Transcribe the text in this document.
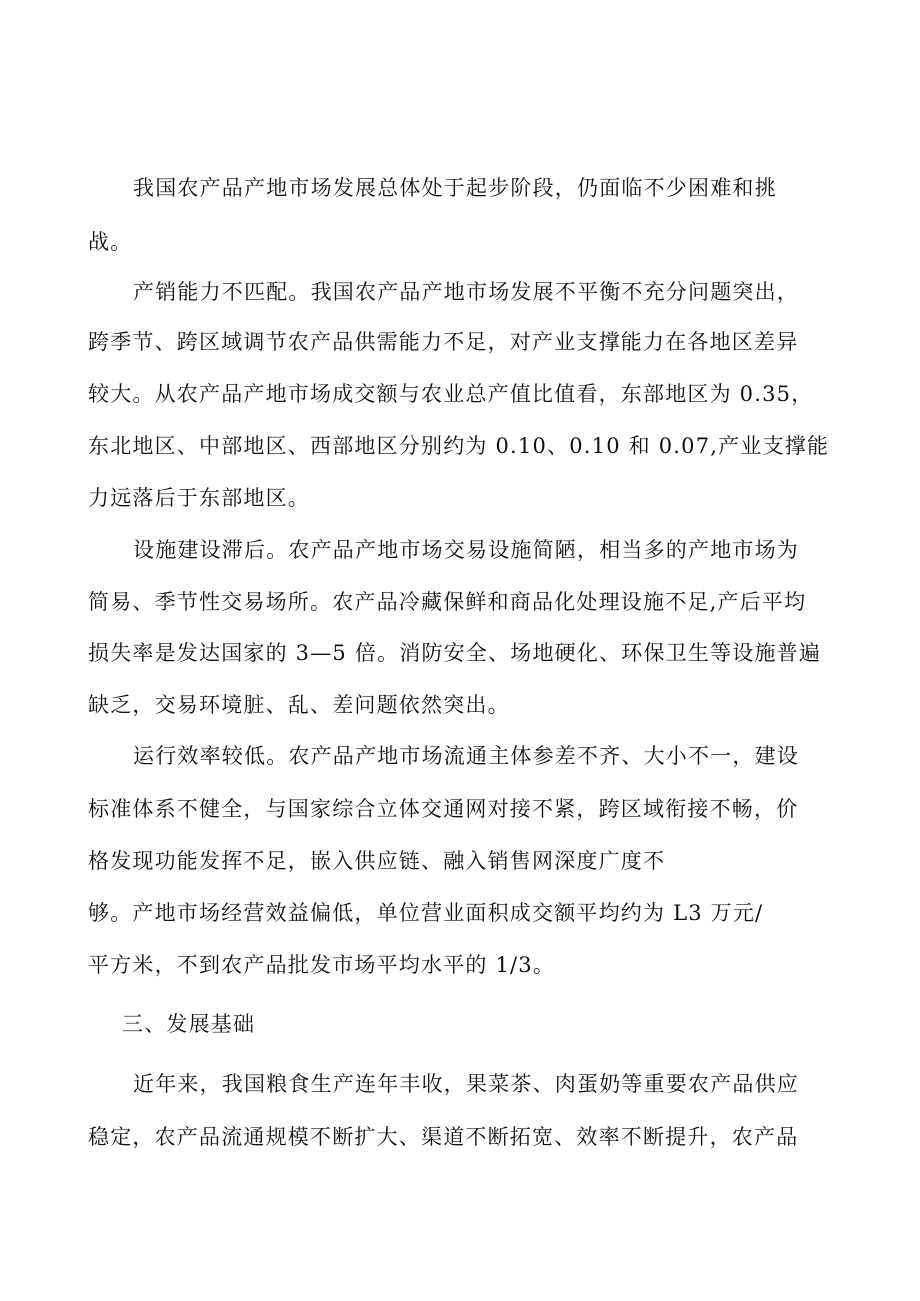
我国农产品产地市场发展总体处于起步阶段，仍面临不少困难和挑
战。
产销能力不匹配。我国农产品产地市场发展不平衡不充分问题突出，
跨季节、跨区域调节农产品供需能力不足，对产业支撑能力在各地区差异
较大。从农产品产地市场成交额与农业总产值比值看，东部地区为 0.35，
东北地区、中部地区、西部地区分别约为 0.10、0.10 和 0.07,产业支撑能
力远落后于东部地区。
设施建设滞后。农产品产地市场交易设施简陋，相当多的产地市场为
简易、季节性交易场所。农产品冷藏保鲜和商品化处理设施不足,产后平均
损失率是发达国家的 3—5 倍。消防安全、场地硬化、环保卫生等设施普遍
缺乏，交易环境脏、乱、差问题依然突出。
运行效率较低。农产品产地市场流通主体参差不齐、大小不一，建设
标准体系不健全，与国家综合立体交通网对接不紧，跨区域衔接不畅，价
格发现功能发挥不足，嵌入供应链、融入销售网深度广度不
够。产地市场经营效益偏低，单位营业面积成交额平均约为 L3 万元/
平方米，不到农产品批发市场平均水平的 1/3。
三、发展基础
近年来，我国粮食生产连年丰收，果菜茶、肉蛋奶等重要农产品供应
稳定，农产品流通规模不断扩大、渠道不断拓宽、效率不断提升，农产品
